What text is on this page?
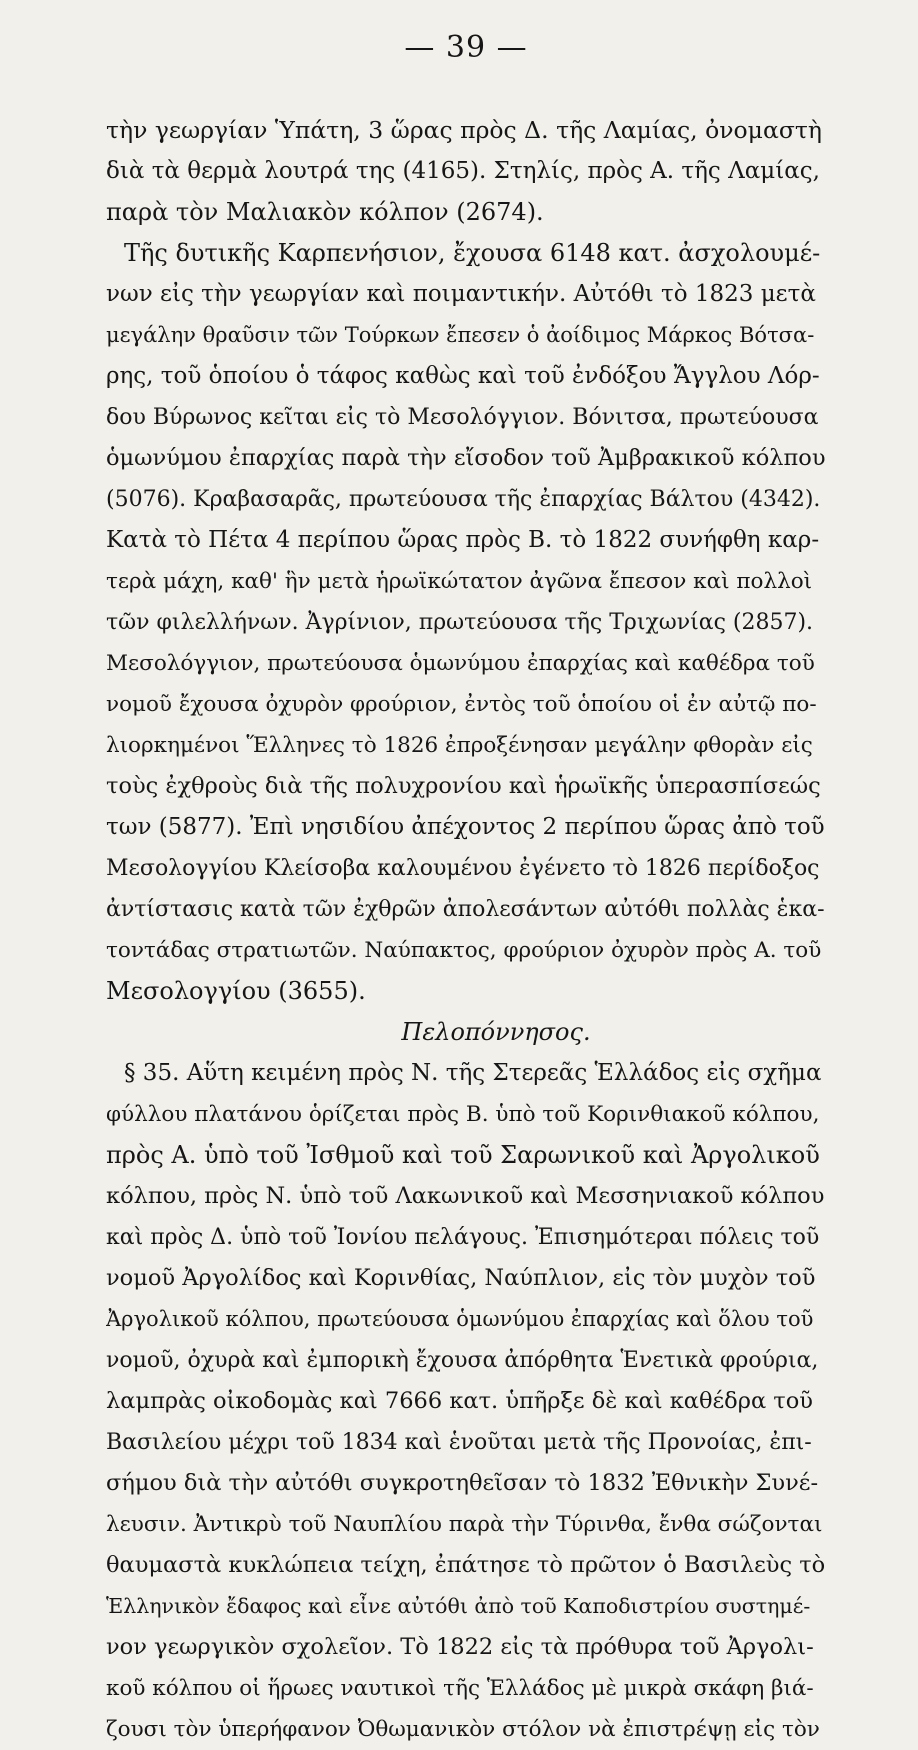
— 39 —
τὴν γεωργίαν Ὑπάτη, 3 ὥρας πρὸς Δ. τῆς Λαμίας, ὀνομαστὴ
διὰ τὰ θερμὰ λουτρά της (4165). Στηλίς, πρὸς Α. τῆς Λαμίας,
παρὰ τὸν Μαλιακὸν κόλπον (2674).
Τῆς δυτικῆς Καρπενήσιον, ἔχουσα 6148 κατ. ἀσχολουμέ-
νων εἰς τὴν γεωργίαν καὶ ποιμαντικήν. Αὐτόθι τὸ 1823 μετὰ
μεγάλην θραῦσιν τῶν Τούρκων ἔπεσεν ὁ ἀοίδιμος Μάρκος Βότσα-
ρης, τοῦ ὁποίου ὁ τάφος καθὼς καὶ τοῦ ἐνδόξου Ἄγγλου Λόρ-
δου Βύρωνος κεῖται εἰς τὸ Μεσολόγγιον. Βόνιτσα, πρωτεύουσα
ὁμωνύμου ἐπαρχίας παρὰ τὴν εἴσοδον τοῦ Ἀμβρακικοῦ κόλπου
(5076). Κραβασαρᾶς, πρωτεύουσα τῆς ἐπαρχίας Βάλτου (4342).
Κατὰ τὸ Πέτα 4 περίπου ὥρας πρὸς Β. τὸ 1822 συνήφθη καρ-
τερὰ μάχη, καθ' ἣν μετὰ ἡρωϊκώτατον ἀγῶνα ἔπεσον καὶ πολλοὶ
τῶν φιλελλήνων. Ἀγρίνιον, πρωτεύουσα τῆς Τριχωνίας (2857).
Μεσολόγγιον, πρωτεύουσα ὁμωνύμου ἐπαρχίας καὶ καθέδρα τοῦ
νομοῦ ἔχουσα ὀχυρὸν φρούριον, ἐντὸς τοῦ ὁποίου οἱ ἐν αὐτῷ πο-
λιορκημένοι Ἕλληνες τὸ 1826 ἐπροξένησαν μεγάλην φθορὰν εἰς
τοὺς ἐχθροὺς διὰ τῆς πολυχρονίου καὶ ἡρωϊκῆς ὑπερασπίσεώς
των (5877). Ἐπὶ νησιδίου ἀπέχοντος 2 περίπου ὥρας ἀπὸ τοῦ
Μεσολογγίου Κλείσοβα καλουμένου ἐγένετο τὸ 1826 περίδοξος
ἀντίστασις κατὰ τῶν ἐχθρῶν ἀπολεσάντων αὐτόθι πολλὰς ἑκα-
τοντάδας στρατιωτῶν. Ναύπακτος, φρούριον ὀχυρὸν πρὸς Α. τοῦ
Μεσολογγίου (3655).
Πελοπόννησος.
§ 35. Αὕτη κειμένη πρὸς Ν. τῆς Στερεᾶς Ἑλλάδος εἰς σχῆμα
φύλλου πλατάνου ὁρίζεται πρὸς Β. ὑπὸ τοῦ Κορινθιακοῦ κόλπου,
πρὸς Α. ὑπὸ τοῦ Ἰσθμοῦ καὶ τοῦ Σαρωνικοῦ καὶ Ἀργολικοῦ
κόλπου, πρὸς Ν. ὑπὸ τοῦ Λακωνικοῦ καὶ Μεσσηνιακοῦ κόλπου
καὶ πρὸς Δ. ὑπὸ τοῦ Ἰονίου πελάγους. Ἐπισημότεραι πόλεις τοῦ
νομοῦ Ἀργολίδος καὶ Κορινθίας, Ναύπλιον, εἰς τὸν μυχὸν τοῦ
Ἀργολικοῦ κόλπου, πρωτεύουσα ὁμωνύμου ἐπαρχίας καὶ ὅλου τοῦ
νομοῦ, ὀχυρὰ καὶ ἐμπορικὴ ἔχουσα ἀπόρθητα Ἑνετικὰ φρούρια,
λαμπρὰς οἰκοδομὰς καὶ 7666 κατ. ὑπῆρξε δὲ καὶ καθέδρα τοῦ
Βασιλείου μέχρι τοῦ 1834 καὶ ἑνοῦται μετὰ τῆς Προνοίας, ἐπι-
σήμου διὰ τὴν αὐτόθι συγκροτηθεῖσαν τὸ 1832 Ἐθνικὴν Συνέ-
λευσιν. Ἀντικρὺ τοῦ Ναυπλίου παρὰ τὴν Τύρινθα, ἔνθα σώζονται
θαυμαστὰ κυκλώπεια τείχη, ἐπάτησε τὸ πρῶτον ὁ Βασιλεὺς τὸ
Ἑλληνικὸν ἔδαφος καὶ εἶνε αὐτόθι ἀπὸ τοῦ Καποδιστρίου συστημέ-
νον γεωργικὸν σχολεῖον. Τὸ 1822 εἰς τὰ πρόθυρα τοῦ Ἀργολι-
κοῦ κόλπου οἱ ἥρωες ναυτικοὶ τῆς Ἑλλάδος μὲ μικρὰ σκάφη βιά-
ζουσι τὸν ὑπερήφανον Ὀθωμανικὸν στόλον νὰ ἐπιστρέψῃ εἰς τὸν
